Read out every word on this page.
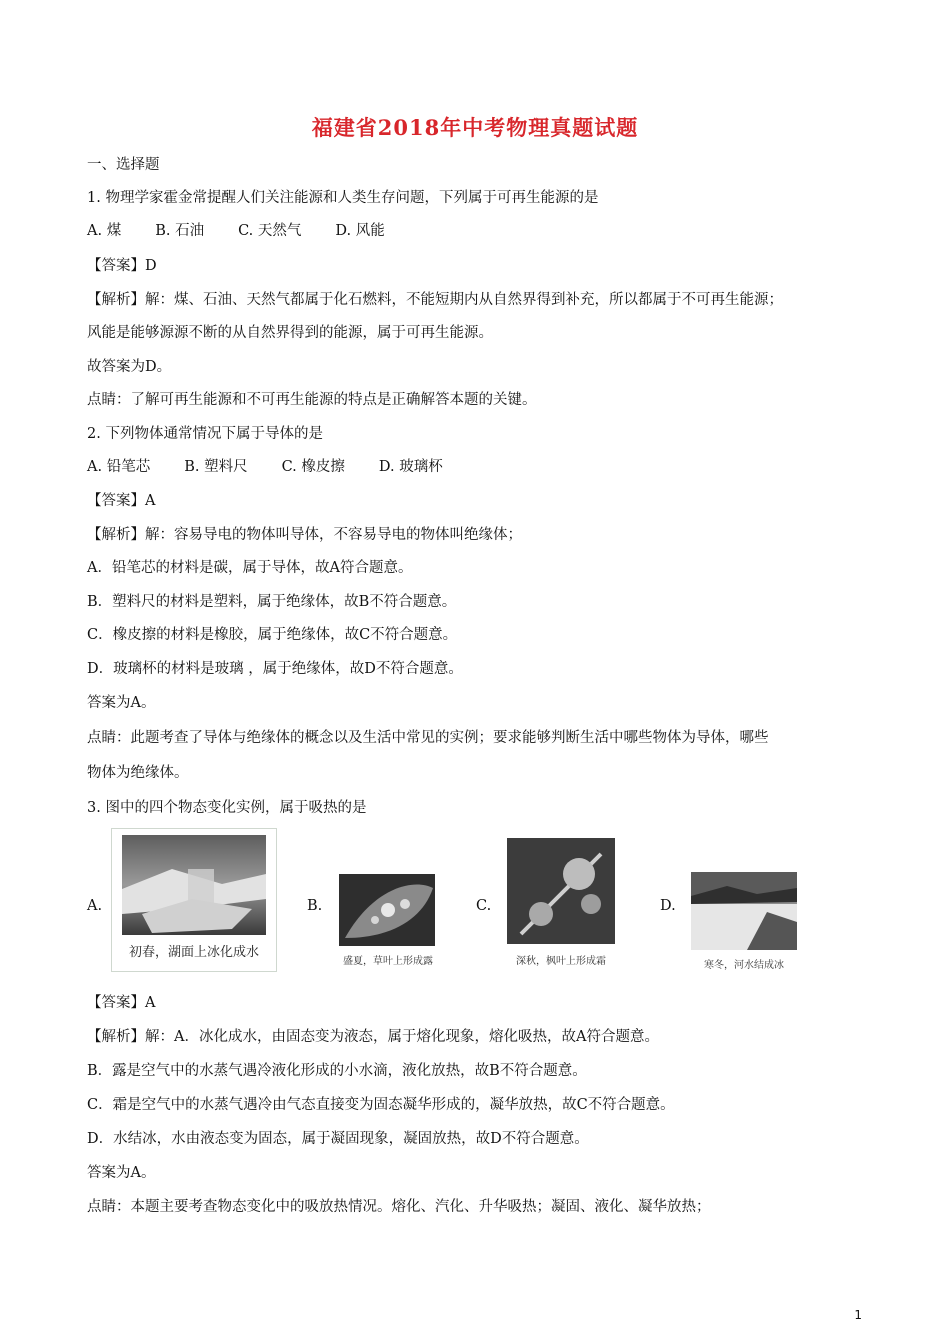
福建省2018年中考物理真题试题
一、选择题
1. 物理学家霍金常提醒人们关注能源和人类生存问题，下列属于可再生能源的是
A. 煤 B. 石油 C. 天然气 D. 风能
【答案】D
【解析】解：煤、石油、天然气都属于化石燃料，不能短期内从自然界得到补充，所以都属于不可再生能源；
风能是能够源源不断的从自然界得到的能源，属于可再生能源。
故答案为D。
点睛：了解可再生能源和不可再生能源的特点是正确解答本题的关键。
2. 下列物体通常情况下属于导体的是
A. 铅笔芯 B. 塑料尺 C. 橡皮擦 D. 玻璃杯
【答案】A
【解析】解：容易导电的物体叫导体，不容易导电的物体叫绝缘体；
A．铅笔芯的材料是碳，属于导体，故A符合题意。
B．塑料尺的材料是塑料，属于绝缘体，故B不符合题意。
C．橡皮擦的材料是橡胶，属于绝缘体，故C不符合题意。
D．玻璃杯的材料是玻璃 ，属于绝缘体，故D不符合题意。
答案为A。
点睛：此题考查了导体与绝缘体的概念以及生活中常见的实例；要求能够判断生活中哪些物体为导体，哪些
物体为绝缘体。
3. 图中的四个物态变化实例，属于吸热的是
A.
初春，湖面上冰化成水
B.
盛夏，草叶上形成露
C.
深秋，枫叶上形成霜
D.
寒冬，河水结成冰
【答案】A
【解析】解：A．冰化成水，由固态变为液态，属于熔化现象，熔化吸热，故A符合题意。
B．露是空气中的水蒸气遇冷液化形成的小水滴，液化放热，故B不符合题意。
C．霜是空气中的水蒸气遇冷由气态直接变为固态凝华形成的，凝华放热，故C不符合题意。
D．水结冰，水由液态变为固态，属于凝固现象，凝固放热，故D不符合题意。
答案为A。
点睛：本题主要考查物态变化中的吸放热情况。熔化、汽化、升华吸热；凝固、液化、凝华放热；
1
